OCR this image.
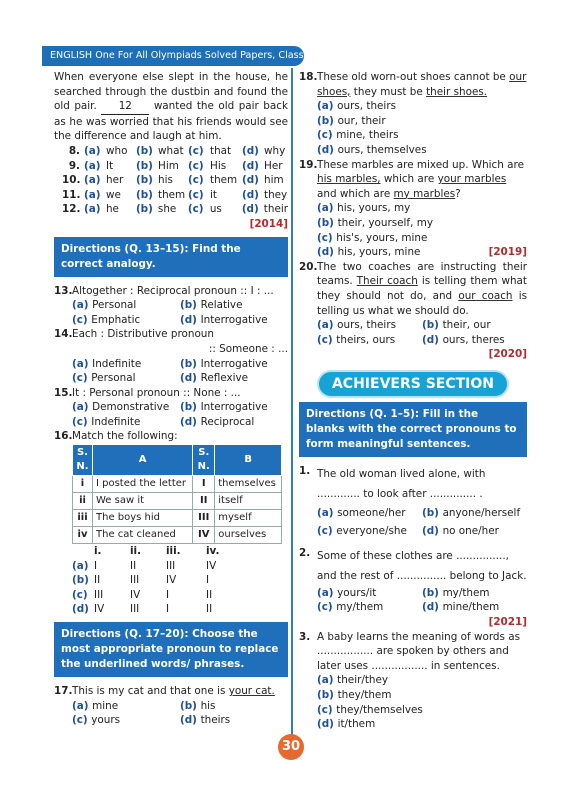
ENGLISH One For All Olympiads Solved Papers, Class-5

When everyone else slept in the house, he searched through the dustbin and found the old pair. 12 wanted the old pair back as he was worried that his friends would see the difference and laugh at him.

8. (a) who (b) what (c) that	(d) why
9. (a) It	(b) Him (c) His	(d) Her
10. (a) her	(b) his	(c) them (d) him
11. (a) we	(b) them (c) it	(d) they
12. (a) he	(b) she	(c) us	(d) their
[2014]
Directions (Q. 13–15): Find the correct analogy.
13. Altogether : Reciprocal pronoun :: I : ...
(a) Personal	(b) Relative
(c) Emphatic	(d) Interrogative
14. Each : Distributive pronoun
:: Someone : ...
(a) Indefinite	(b) Interrogative
(c) Personal	(d) Reflexive
15. It : Personal pronoun :: None : ...
(a) Demonstrative	(b) Interrogative
(c) Indefinite	(d) Reciprocal
16. Match the following:
S. N.	A	S. N.	B
i	I posted the letter	I	themselves
ii	We saw it	II	itself
iii	The boys hid	III	myself
iv	The cat cleaned	IV	ourselves
i.	ii.	iii.	iv.
(a) I	II	III	IV
(b) II	III	IV	I
(c) III	IV	I	II
(d) IV	III	I	II
Directions (Q. 17–20): Choose the most appropriate pronoun to replace the underlined words/ phrases.
17. This is my cat and that one is your cat.
(a) mine	(b) his
(c) yours	(d) theirs
18. These old worn-out shoes cannot be our shoes, they must be their shoes.
(a) ours, theirs
(b) our, their
(c) mine, theirs
(d) ours, themselves
19. These marbles are mixed up. Which are his marbles, which are your marbles and which are my marbles?
(a) his, yours, my
(b) their, yourself, my
(c) his's, yours, mine
(d) his, yours, mine	[2019]
20. The two coaches are instructing their teams. Their coach is telling them what they should not do, and our coach is telling us what we should do.
(a) ours, theirs	(b) their, our
(c) theirs, ours	(d) ours, theres
[2020]
ACHIEVERS SECTION
Directions (Q. 1–5): Fill in the blanks with the correct pronouns to form meaningful sentences.
1. The old woman lived alone, with ............. to look after .............. .
(a) someone/her	(b) anyone/herself
(c) everyone/she	(d) no one/her
2. Some of these clothes are ..............., and the rest of ............... belong to Jack.
(a) yours/it	(b) my/them
(c) my/them	(d) mine/them
[2021]
3. A baby learns the meaning of words as ................. are spoken by others and later uses ................. in sentences.
(a) their/they
(b) they/them
(c) they/themselves
(d) it/them
30
